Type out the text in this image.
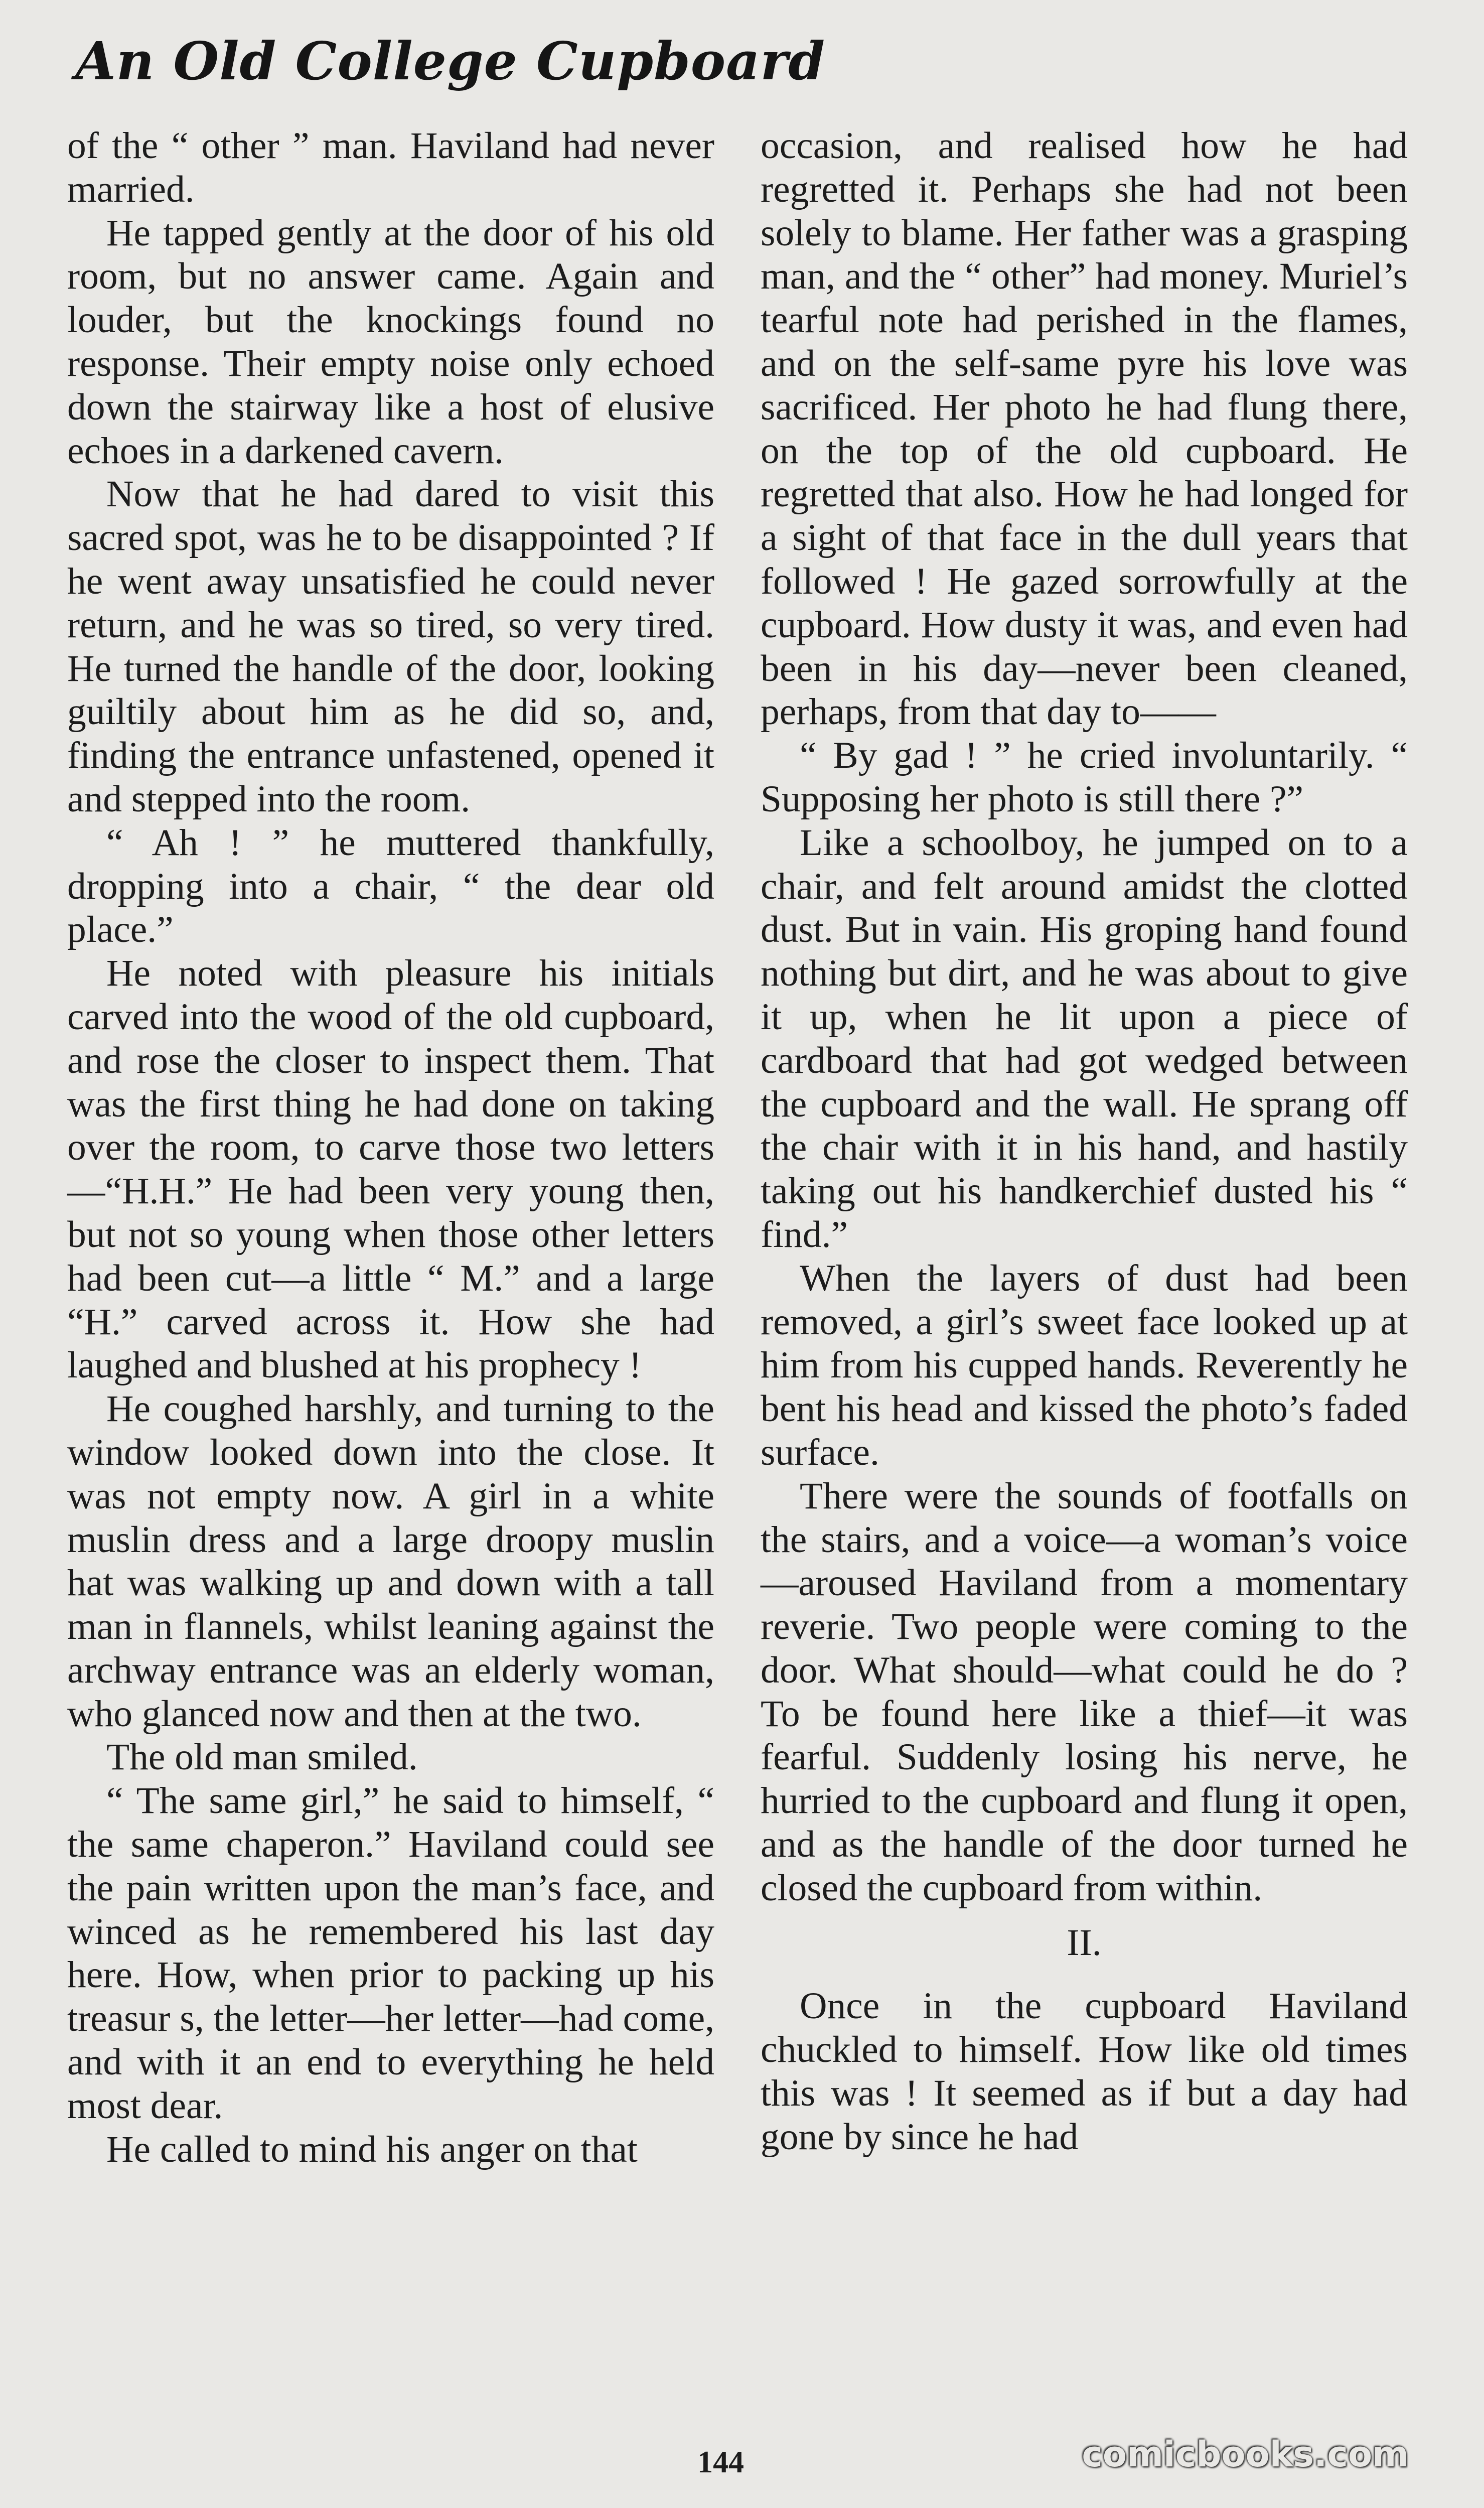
An Old College Cupboard

of the “ other ” man. Haviland had never married.

He tapped gently at the door of his old room, but no answer came. Again and louder, but the knockings found no response. Their empty noise only echoed down the stairway like a host of elusive echoes in a darkened cavern.

Now that he had dared to visit this sacred spot, was he to be disappointed ? If he went away unsatisfied he could never return, and he was so tired, so very tired. He turned the handle of the door, looking guiltily about him as he did so, and, finding the entrance unfastened, opened it and stepped into the room.

“ Ah ! ” he muttered thankfully, dropping into a chair, “ the dear old place.”

He noted with pleasure his initials carved into the wood of the old cupboard, and rose the closer to inspect them. That was the first thing he had done on taking over the room, to carve those two letters—“H.H.” He had been very young then, but not so young when those other letters had been cut—a little “ M.” and a large “H.” carved across it. How she had laughed and blushed at his prophecy !

He coughed harshly, and turning to the window looked down into the close. It was not empty now. A girl in a white muslin dress and a large droopy muslin hat was walking up and down with a tall man in flannels, whilst leaning against the archway entrance was an elderly woman, who glanced now and then at the two.

The old man smiled.

“ The same girl,” he said to himself, “ the same chaperon.” Haviland could see the pain written upon the man’s face, and winced as he remembered his last day here. How, when prior to packing up his treasur s, the letter—her letter—had come, and with it an end to everything he held most dear.

He called to mind his anger on that

occasion, and realised how he had regretted it. Perhaps she had not been solely to blame. Her father was a grasping man, and the “ other” had money. Muriel’s tearful note had perished in the flames, and on the self-same pyre his love was sacrificed. Her photo he had flung there, on the top of the old cupboard. He regretted that also. How he had longed for a sight of that face in the dull years that followed ! He gazed sorrowfully at the cupboard. How dusty it was, and even had been in his day—never been cleaned, perhaps, from that day to——

“ By gad ! ” he cried involuntarily. “ Supposing her photo is still there ?”

Like a schoolboy, he jumped on to a chair, and felt around amidst the clotted dust. But in vain. His groping hand found nothing but dirt, and he was about to give it up, when he lit upon a piece of cardboard that had got wedged between the cupboard and the wall. He sprang off the chair with it in his hand, and hastily taking out his handkerchief dusted his “ find.”

When the layers of dust had been removed, a girl’s sweet face looked up at him from his cupped hands. Reverently he bent his head and kissed the photo’s faded surface.

There were the sounds of footfalls on the stairs, and a voice—a woman’s voice—aroused Haviland from a momentary reverie. Two people were coming to the door. What should—what could he do ? To be found here like a thief—it was fearful. Suddenly losing his nerve, he hurried to the cupboard and flung it open, and as the handle of the door turned he closed the cupboard from within.

II.

Once in the cupboard Haviland chuckled to himself. How like old times this was ! It seemed as if but a day had gone by since he had

144	comicbooks.com
